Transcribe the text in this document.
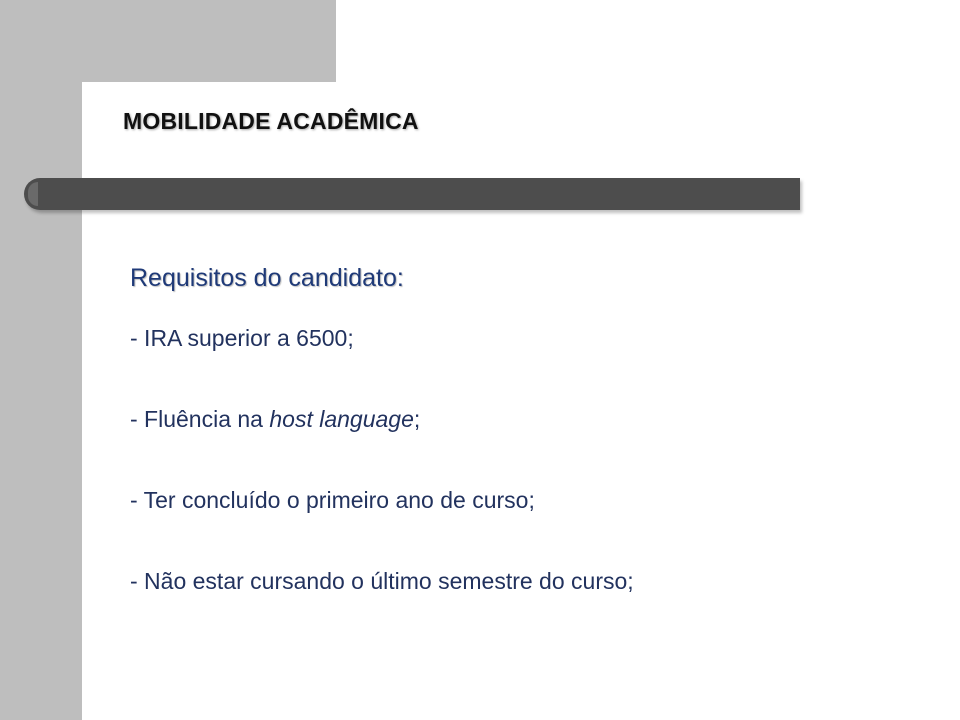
MOBILIDADE ACADÊMICA
Requisitos do candidato:
- IRA superior a 6500;
- Fluência na host language;
- Ter concluído o primeiro ano de curso;
- Não estar cursando o último semestre do curso;
